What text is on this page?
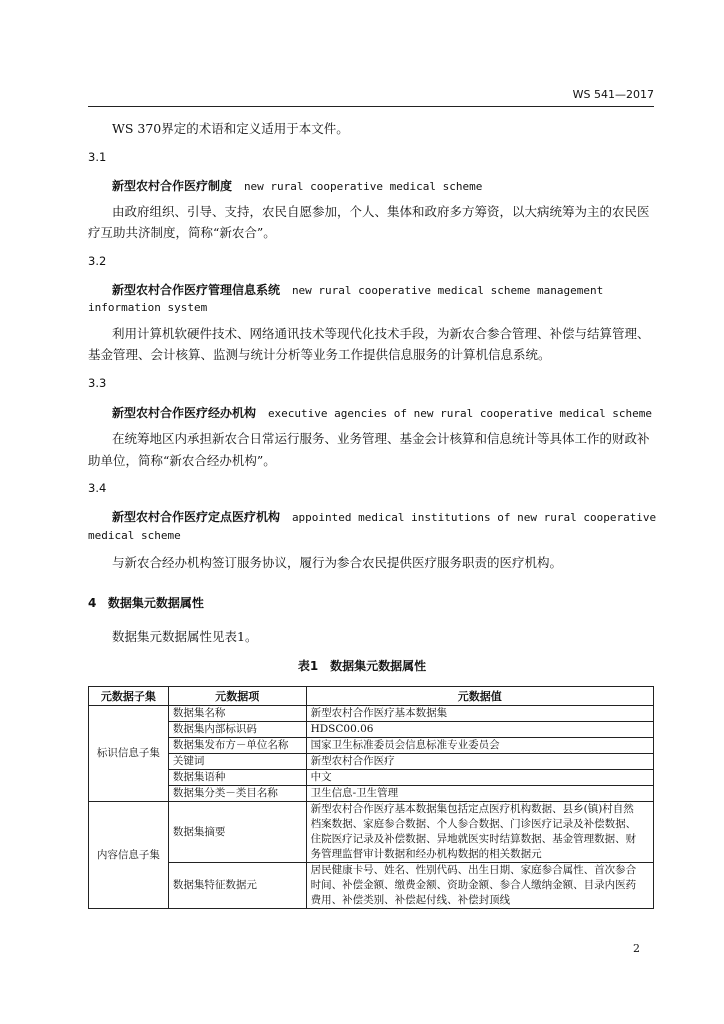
WS 541—2017
WS 370界定的术语和定义适用于本文件。
3.1
新型农村合作医疗制度 new rural cooperative medical scheme
由政府组织、引导、支持，农民自愿参加，个人、集体和政府多方筹资，以大病统筹为主的农民医
疗互助共济制度，简称“新农合”。
3.2
新型农村合作医疗管理信息系统 new rural cooperative medical scheme management
information system
利用计算机软硬件技术、网络通讯技术等现代化技术手段，为新农合参合管理、补偿与结算管理、
基金管理、会计核算、监测与统计分析等业务工作提供信息服务的计算机信息系统。
3.3
新型农村合作医疗经办机构 executive agencies of new rural cooperative medical scheme
在统筹地区内承担新农合日常运行服务、业务管理、基金会计核算和信息统计等具体工作的财政补
助单位，简称“新农合经办机构”。
3.4
新型农村合作医疗定点医疗机构 appointed medical institutions of new rural cooperative
medical scheme
与新农合经办机构签订服务协议，履行为参合农民提供医疗服务职责的医疗机构。
4 数据集元数据属性
数据集元数据属性见表1。
表1　数据集元数据属性
元数据子集	元数据项	元数据值
标识信息子集	数据集名称	新型农村合作医疗基本数据集
	数据集内部标识码	HDSC00.06
	数据集发布方－单位名称	国家卫生标准委员会信息标准专业委员会
	关键词	新型农村合作医疗
	数据集语种	中文
	数据集分类－类目名称	卫生信息-卫生管理
内容信息子集	数据集摘要	新型农村合作医疗基本数据集包括定点医疗机构数据、县乡(镇)村自然
档案数据、家庭参合数据、个人参合数据、门诊医疗记录及补偿数据、
住院医疗记录及补偿数据、异地就医实时结算数据、基金管理数据、财
务管理监督审计数据和经办机构数据的相关数据元

	数据集特征数据元	居民健康卡号、姓名、性别代码、出生日期、家庭参合属性、首次参合
时间、补偿金额、缴费金额、资助金额、参合人缴纳金额、目录内医药
费用、补偿类别、补偿起付线、补偿封顶线
2
